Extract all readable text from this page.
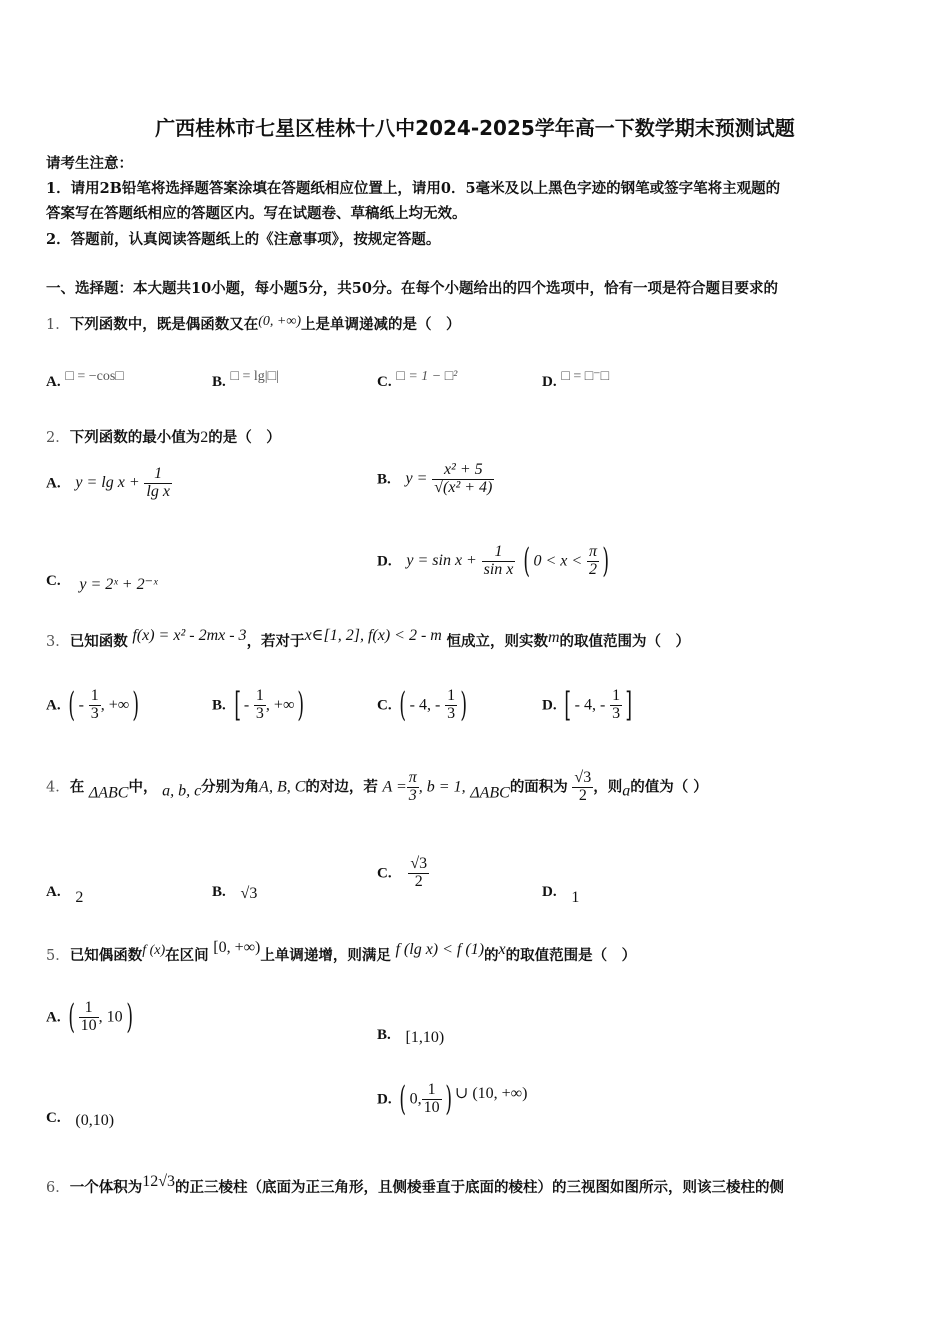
广西桂林市七星区桂林十八中2024-2025学年高一下数学期末预测试题
请考生注意：
1．请用2B铅笔将选择题答案涂填在答题纸相应位置上，请用0．5毫米及以上黑色字迹的钢笔或签字笔将主观题的
答案写在答题纸相应的答题区内。写在试题卷、草稿纸上均无效。
2．答题前，认真阅读答题纸上的《注意事项》，按规定答题。
一、选择题：本大题共10小题，每小题5分，共50分。在每个小题给出的四个选项中，恰有一项是符合题目要求的
1．下列函数中，既是偶函数又在(0, +∞)上是单调递减的是（　）
A. □ = −cos□	B. □ = lg|□|	C. □ = 1 − □²	D. □ = □⁻□
2．下列函数的最小值为2的是（　）
A. $y = \lg x + \frac{1}{\text{lg x}}$	B. $y = \frac{\text{x² + 5}}{\text{√(x² + 4)}}$
C. y = 2ˣ + 2⁻ˣ
D. $y = \sin x + \frac{1}{\text{sin x}}$ ( $0 < x < \frac{\pi}{2}$ )
3．已知函数 f(x) = x² - 2mx - 3，若对于x∈[1, 2], f(x) < 2 - m 恒成立，则实数m的取值范围为（　）
A. ( - $\frac{1}{3}$ , +∞)	B. [ - $\frac{1}{3}$ , +∞)	C. ( - 4, - $\frac{1}{3}$ )	D. [ - 4, - $\frac{1}{3}$ ]
4．在 ΔABC中， a, b, c分别为角A, B, C的对边，若 $A = \frac{\pi}{3}$ , b = 1, ΔABC的面积为 $\frac{√3}{2}$ ，则a的值为（ ）
A. 2	B. √3
C. $\frac{√3}{2}$
D. 1
5．已知偶函数f (x)在区间 [0, +∞)上单调递增，则满足 f (lg x) < f (1)的x的取值范围是（　）
A. ( $\frac{1}{10}$ , 10)	B. [1,10)
C. (0,10)
D. ( 0, $\frac{1}{10}$ ) ∪ (10, +∞)
6．一个体积为12√3的正三棱柱（底面为正三角形，且侧棱垂直于底面的棱柱）的三视图如图所示，则该三棱柱的侧
